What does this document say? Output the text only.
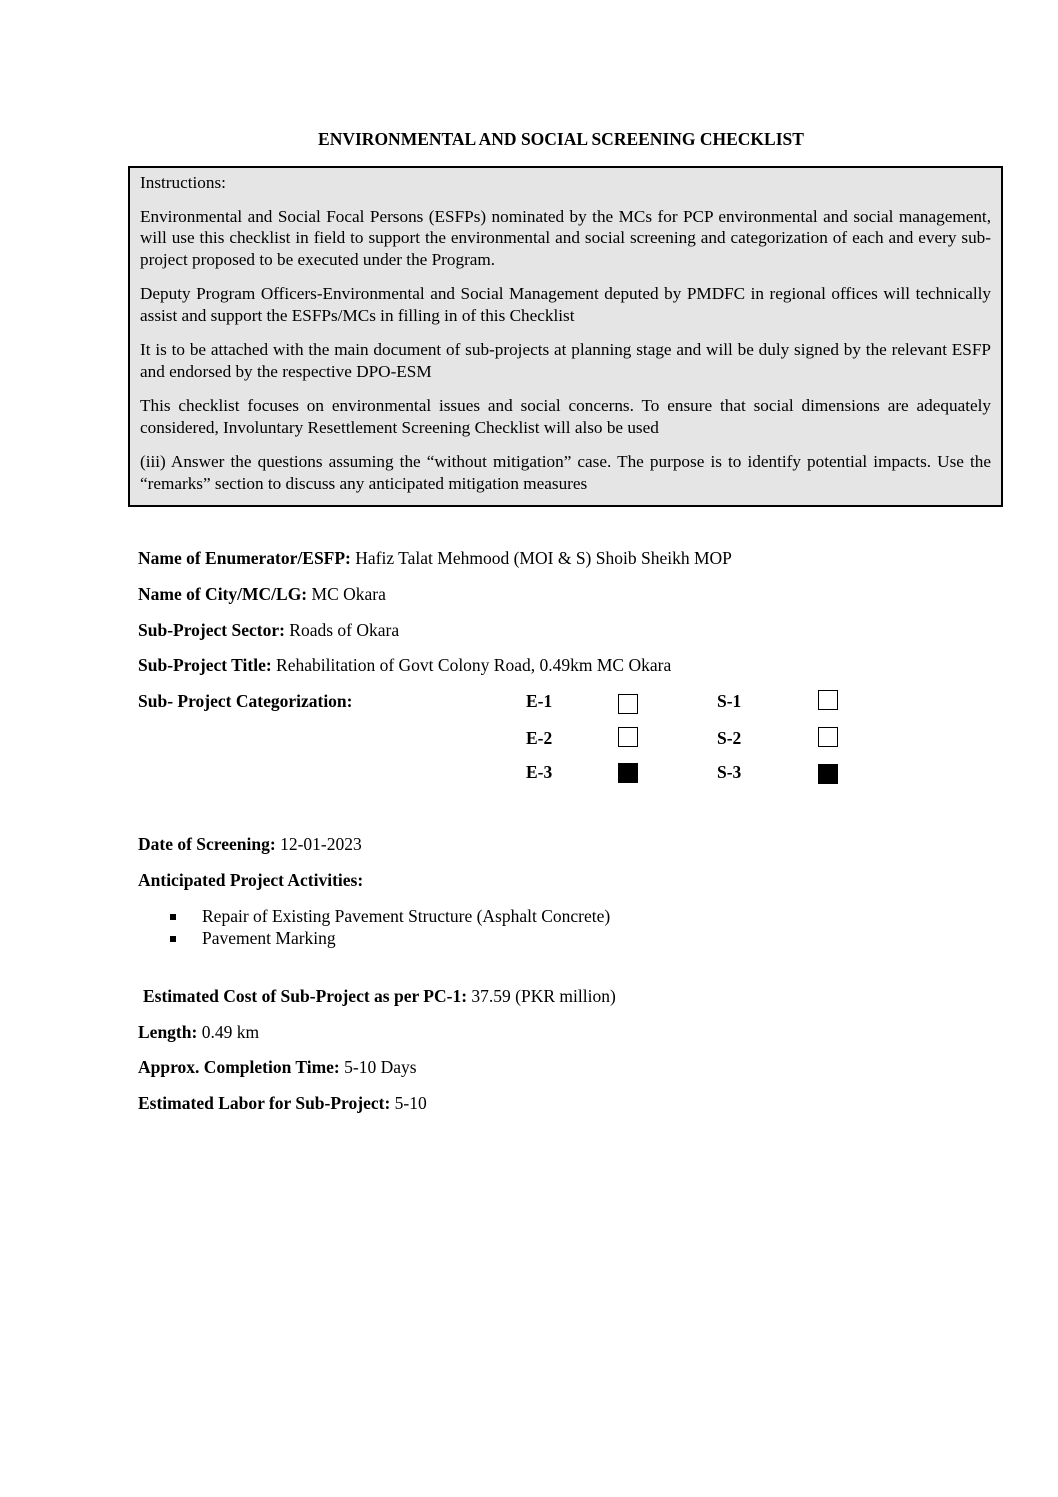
ENVIRONMENTAL AND SOCIAL SCREENING CHECKLIST

Instructions:

Environmental and Social Focal Persons (ESFPs) nominated by the MCs for PCP environmental and social management, will use this checklist in field to support the environmental and social screening and categorization of each and every sub-project proposed to be executed under the Program.

Deputy Program Officers-Environmental and Social Management deputed by PMDFC in regional offices will technically assist and support the ESFPs/MCs in filling in of this Checklist

It is to be attached with the main document of sub-projects at planning stage and will be duly signed by the relevant ESFP and endorsed by the respective DPO-ESM

This checklist focuses on environmental issues and social concerns. To ensure that social dimensions are adequately considered, Involuntary Resettlement Screening Checklist will also be used

(iii) Answer the questions assuming the “without mitigation” case. The purpose is to identify potential impacts. Use the “remarks” section to discuss any anticipated mitigation measures

Name of Enumerator/ESFP: Hafiz Talat Mehmood (MOI & S) Shoib Sheikh MOP
Name of City/MC/LG: MC Okara
Sub-Project Sector: Roads of Okara
Sub-Project Title: Rehabilitation of Govt Colony Road, 0.49km MC Okara
Sub- Project Categorization:	E-1
E-2
E-3
S-1
S-2
S-3
Date of Screening: 12-01-2023
Anticipated Project Activities:
Repair of Existing Pavement Structure (Asphalt Concrete)
Pavement Marking
Estimated Cost of Sub-Project as per PC-1: 37.59 (PKR million)
Length: 0.49 km
Approx. Completion Time: 5-10 Days
Estimated Labor for Sub-Project: 5-10
